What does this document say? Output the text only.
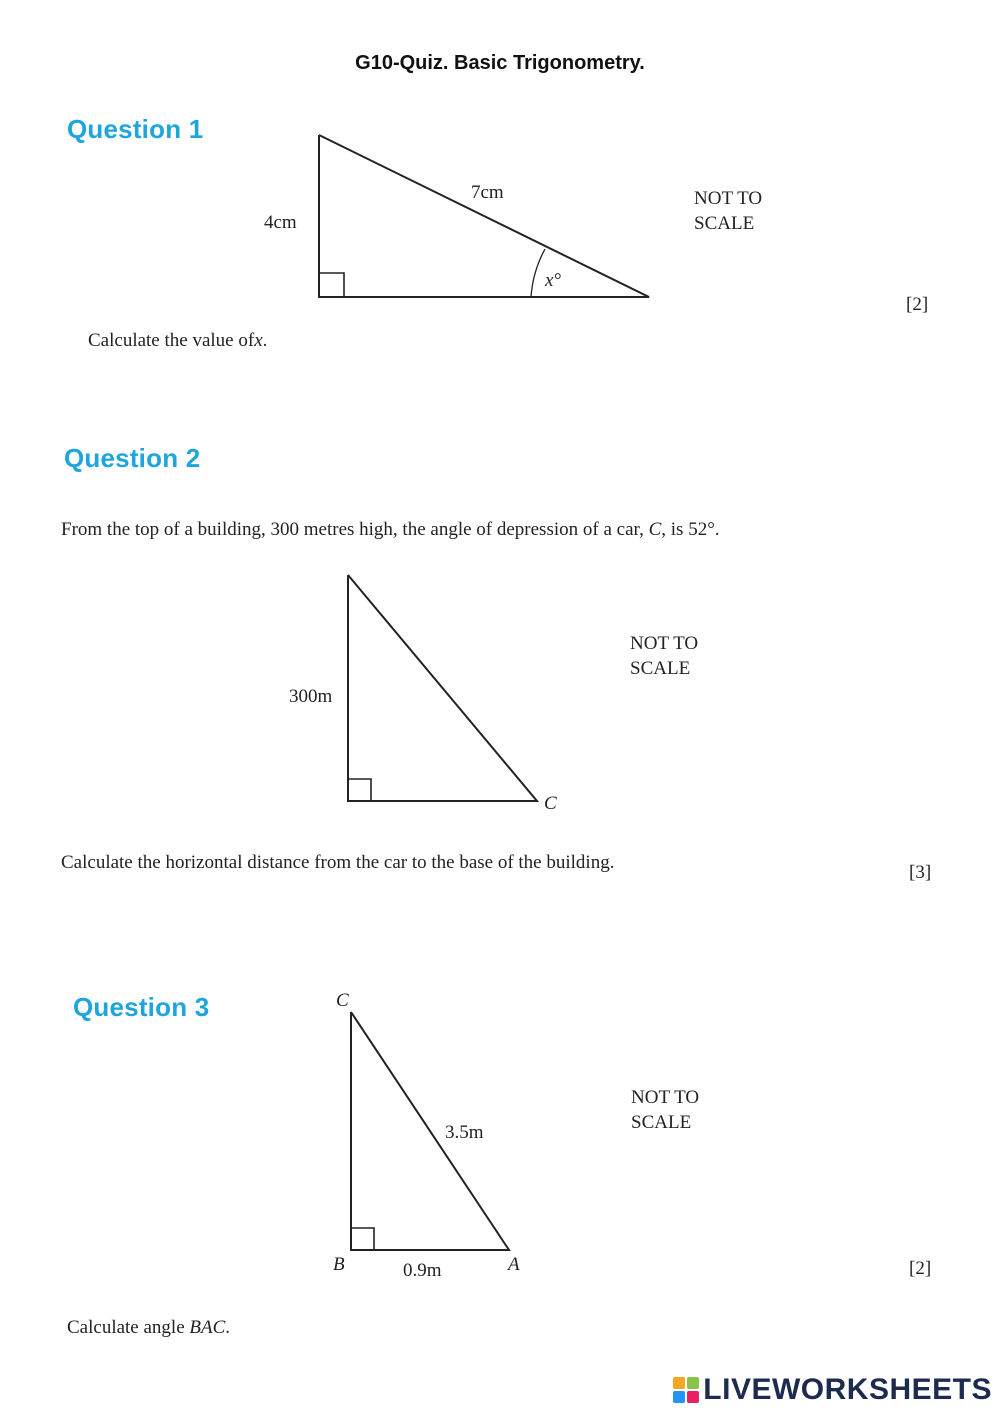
G10-Quiz. Basic Trigonometry.
Question 1
4cm
7cm
x°
NOT TO
SCALE
[2]
Calculate the value ofx.
Question 2
From the top of a building, 300 metres high, the angle of depression of a car, C, is 52°.
300m
C
NOT TO
SCALE
Calculate the horizontal distance from the car to the base of the building.	[3]
Question 3	C
3.5m
B	0.9m	A
NOT TO
SCALE
[2]
Calculate angle BAC.
LIVEWORKSHEETS
